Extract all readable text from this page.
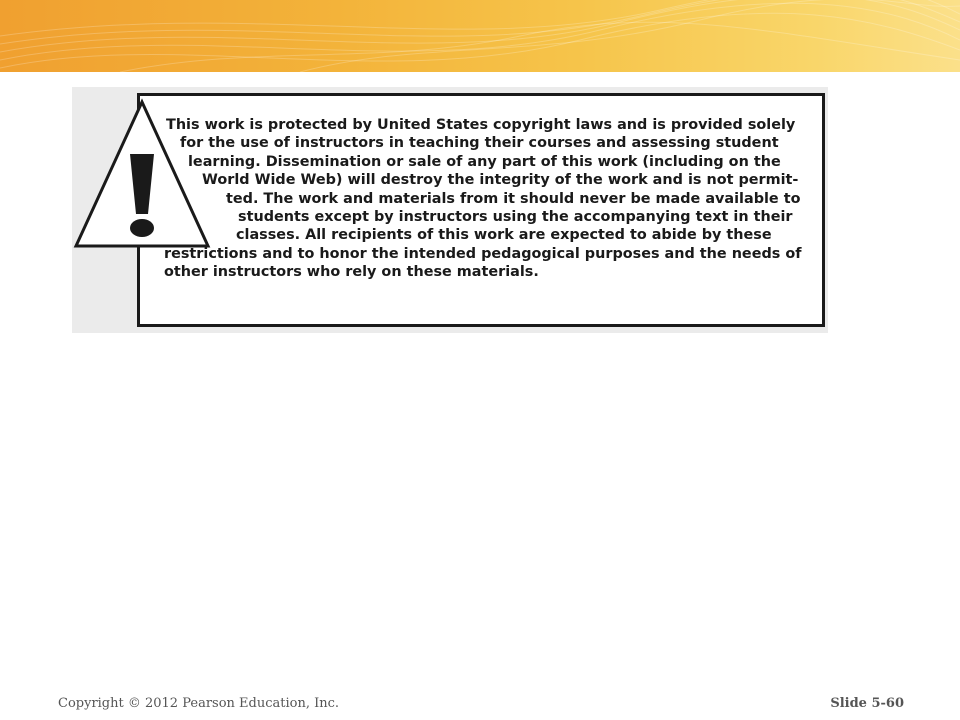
This work is protected by United States copyright laws and is provided solely
for the use of instructors in teaching their courses and assessing student
learning. Dissemination or sale of any part of this work (including on the
World Wide Web) will destroy the integrity of the work and is not permit-
ted. The work and materials from it should never be made available to
students except by instructors using the accompanying text in their
classes. All recipients of this work are expected to abide by these
restrictions and to honor the intended pedagogical purposes and the needs of
other instructors who rely on these materials.

Copyright © 2012 Pearson Education, Inc.	Slide 5-60
